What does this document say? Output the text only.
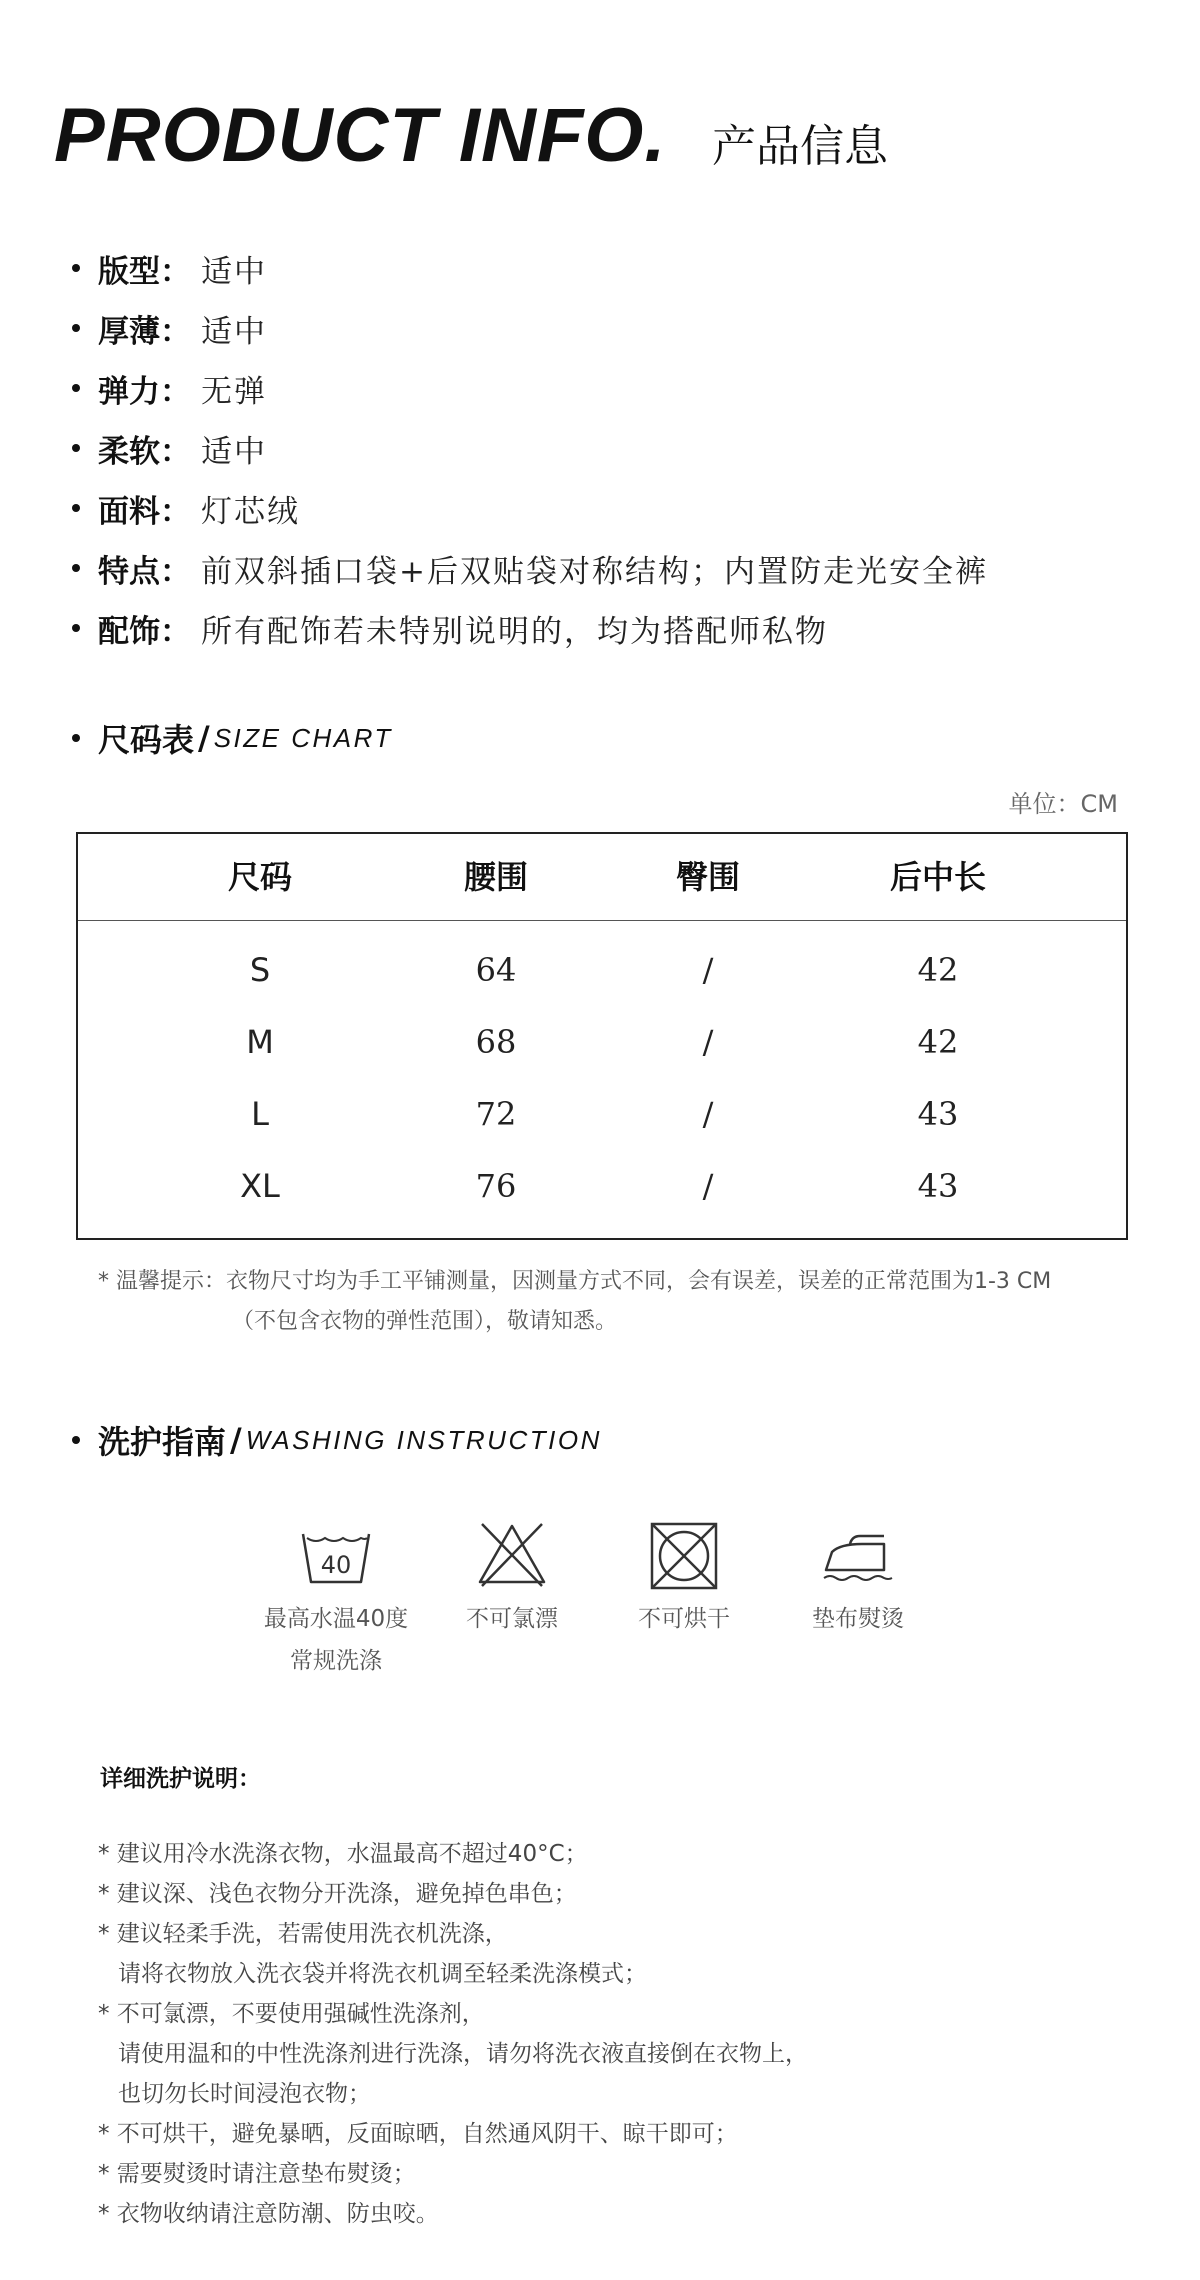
PRODUCT INFO. 产品信息
版型 ： 适中
厚薄 ： 适中
弹力 ： 无弹
柔软 ： 适中
面料 ： 灯芯绒
特点 ： 前双斜插口袋+后双贴袋对称结构；内置防走光安全裤
配饰 ： 所有配饰若未特别说明的，均为搭配师私物
尺码表 / SIZE CHART
单位：CM
尺码	腰围	臀围	后中长
S	64	/	42
M	68	/	42
L	72	/	43
XL	76	/	43
* 温馨提示：衣物尺寸均为手工平铺测量，因测量方式不同，会有误差，误差的正常范围为1-3 CM
（不包含衣物的弹性范围），敬请知悉。
洗护指南 / WASHING INSTRUCTION
40
最高水温40度
常规洗涤
不可氯漂	不可烘干	垫布熨烫
详细洗护说明：
* 建议用冷水洗涤衣物，水温最高不超过40°C；
* 建议深、浅色衣物分开洗涤，避免掉色串色；
* 建议轻柔手洗，若需使用洗衣机洗涤，
请将衣物放入洗衣袋并将洗衣机调至轻柔洗涤模式；
* 不可氯漂，不要使用强碱性洗涤剂，
请使用温和的中性洗涤剂进行洗涤，请勿将洗衣液直接倒在衣物上，
也切勿长时间浸泡衣物；
* 不可烘干，避免暴晒，反面晾晒，自然通风阴干、晾干即可；
* 需要熨烫时请注意垫布熨烫；
* 衣物收纳请注意防潮、防虫咬。
